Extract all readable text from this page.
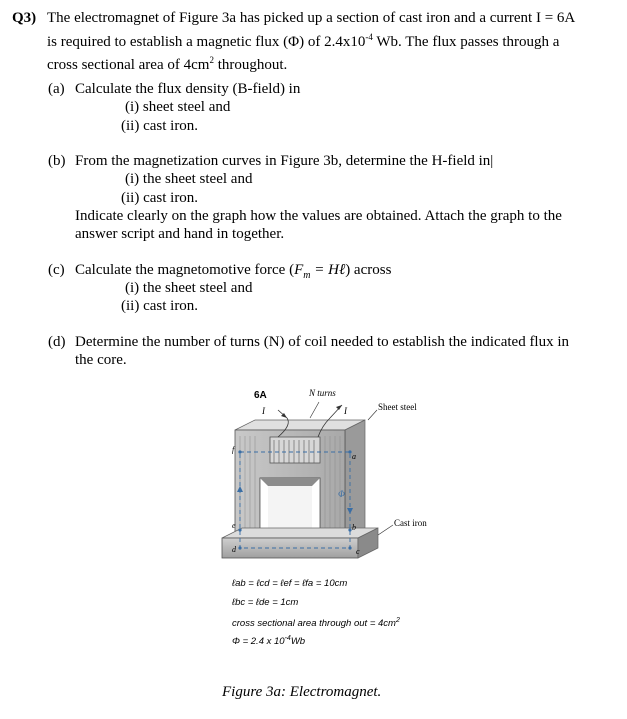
Q3) The electromagnet of Figure 3a has picked up a section of cast iron and a current I = 6A
is required to establish a magnetic flux (Φ) of $2.4x10^{-4}$ Wb. The flux passes through a
cross sectional area of $4cm^2$ throughout.
(a) Calculate the flux density (B-field) in
(i) sheet steel and
(ii) cast iron.
(b) From the magnetization curves in Figure 3b, determine the H-field in|
(i) the sheet steel and
(ii) cast iron.
Indicate clearly on the graph how the values are obtained. Attach the graph to the
answer script and hand in together.
(c) Calculate the magnetomotive force ($F_m$ = Hℓ) across
(i) the sheet steel and
(ii) cast iron.
(d) Determine the number of turns (N) of coil needed to establish the indicated flux in
the core.
6A	N turns
I	I	Sheet steel
Cast iron
Φ
a
b
c
d
e
f
ℓab = ℓcd = ℓef = ℓfa = 10cm
ℓbc = ℓde = 1cm
cross sectional area through out = $4cm^2$
Φ = 2.4 x $10^{-4}Wb$
Figure 3a: Electromagnet.
